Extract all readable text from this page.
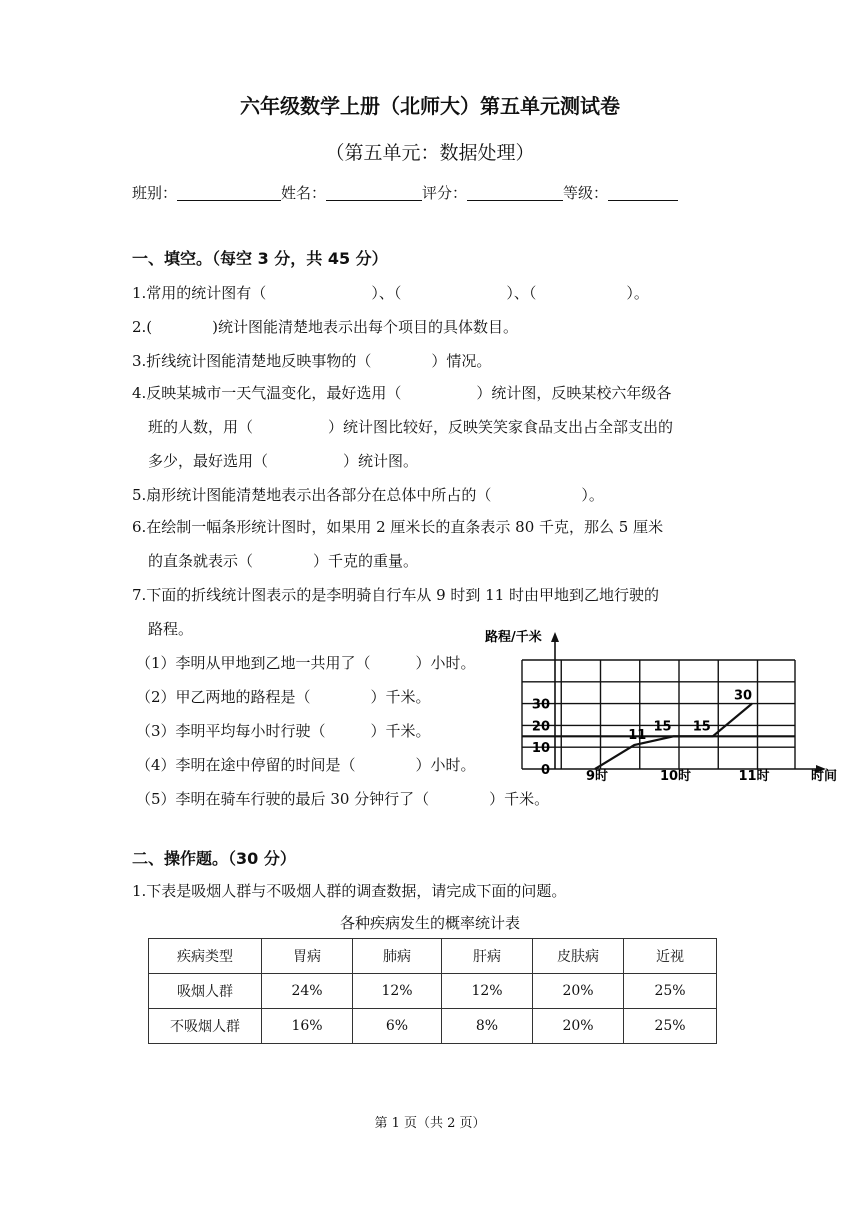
六年级数学上册（北师大）第五单元测试卷
（第五单元：数据处理）
班别：	姓名：	评分：	等级：
一、填空。（每空 3 分，共 45 分）
1.常用的统计图有（　　　　　　　）、（　　　　　　　）、（　　　　　　）。
2.(　　　　)统计图能清楚地表示出每个项目的具体数目。
3.折线统计图能清楚地反映事物的（　　　　）情况。
4.反映某城市一天气温变化，最好选用（　　　　　）统计图，反映某校六年级各
班的人数，用（　　　　　）统计图比较好，反映笑笑家食品支出占全部支出的
多少，最好选用（　　　　　）统计图。
5.扇形统计图能清楚地表示出各部分在总体中所占的（　　　　　　）。
6.在绘制一幅条形统计图时，如果用 2 厘米长的直条表示 80 千克，那么 5 厘米
的直条就表示（　　　　）千克的重量。
7.下面的折线统计图表示的是李明骑自行车从 9 时到 11 时由甲地到乙地行驶的
路程。
（1）李明从甲地到乙地一共用了（　　　）小时。
（2）甲乙两地的路程是（　　　　）千米。
（3）李明平均每小时行驶（　　　）千米。
（4）李明在途中停留的时间是（　　　　）小时。
（5）李明在骑车行驶的最后 30 分钟行了（　　　　）千米。
11
15 15
30
0
10
20
30
9时	10时	11时
路程/千米
时间
二、操作题。（30 分）
1.下表是吸烟人群与不吸烟人群的调查数据，请完成下面的问题。
各种疾病发生的概率统计表
疾病类型	胃病	肺病	肝病	皮肤病	近视
吸烟人群	24%	12%	12%	20%	25%
不吸烟人群	16%	6%	8%	20%	25%
第 1 页（共 2 页）
